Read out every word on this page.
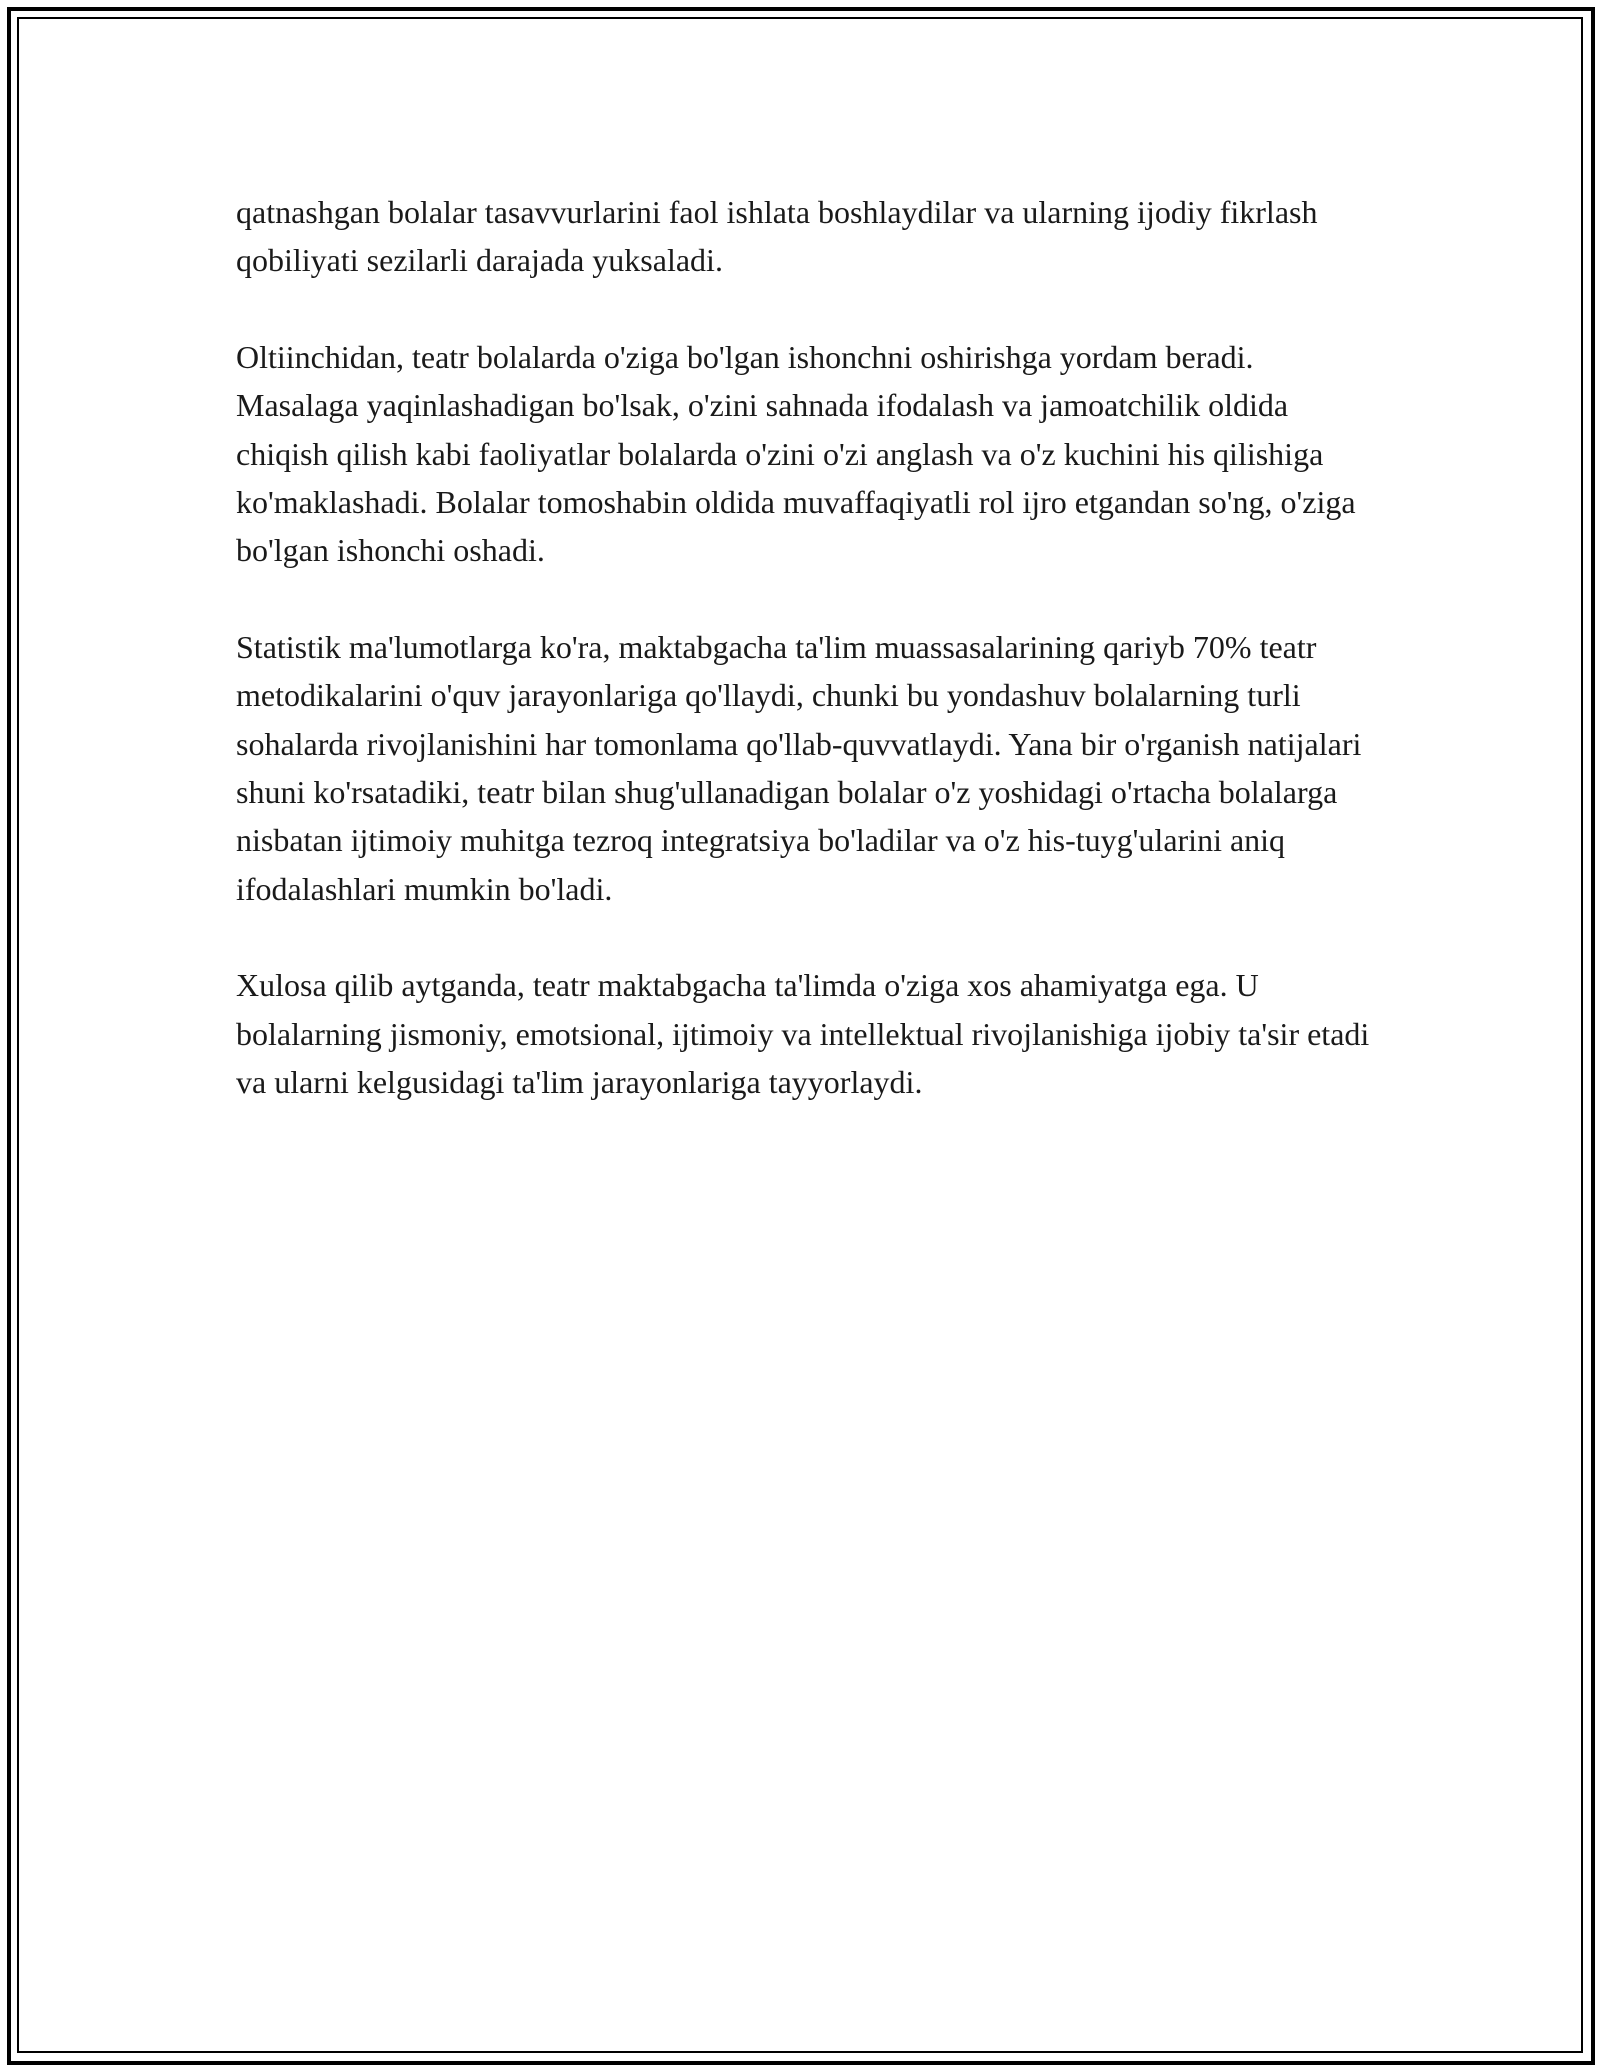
qatnashgan bolalar tasavvurlarini faol ishlata boshlaydilar va ularning ijodiy fikrlash qobiliyati sezilarli darajada yuksaladi.

Oltiinchidan, teatr bolalarda o'ziga bo'lgan ishonchni oshirishga yordam beradi. Masalaga yaqinlashadigan bo'lsak, o'zini sahnada ifodalash va jamoatchilik oldida chiqish qilish kabi faoliyatlar bolalarda o'zini o'zi anglash va o'z kuchini his qilishiga ko'maklashadi. Bolalar tomoshabin oldida muvaffaqiyatli rol ijro etgandan so'ng, o'ziga bo'lgan ishonchi oshadi.

Statistik ma'lumotlarga ko'ra, maktabgacha ta'lim muassasalarining qariyb 70% teatr metodikalarini o'quv jarayonlariga qo'llaydi, chunki bu yondashuv bolalarning turli sohalarda rivojlanishini har tomonlama qo'llab-quvvatlaydi. Yana bir o'rganish natijalari shuni ko'rsatadiki, teatr bilan shug'ullanadigan bolalar o'z yoshidagi o'rtacha bolalarga nisbatan ijtimoiy muhitga tezroq integratsiya bo'ladilar va o'z his-tuyg'ularini aniq ifodalashlari mumkin bo'ladi.

Xulosa qilib aytganda, teatr maktabgacha ta'limda o'ziga xos ahamiyatga ega. U bolalarning jismoniy, emotsional, ijtimoiy va intellektual rivojlanishiga ijobiy ta'sir etadi va ularni kelgusidagi ta'lim jarayonlariga tayyorlaydi.
